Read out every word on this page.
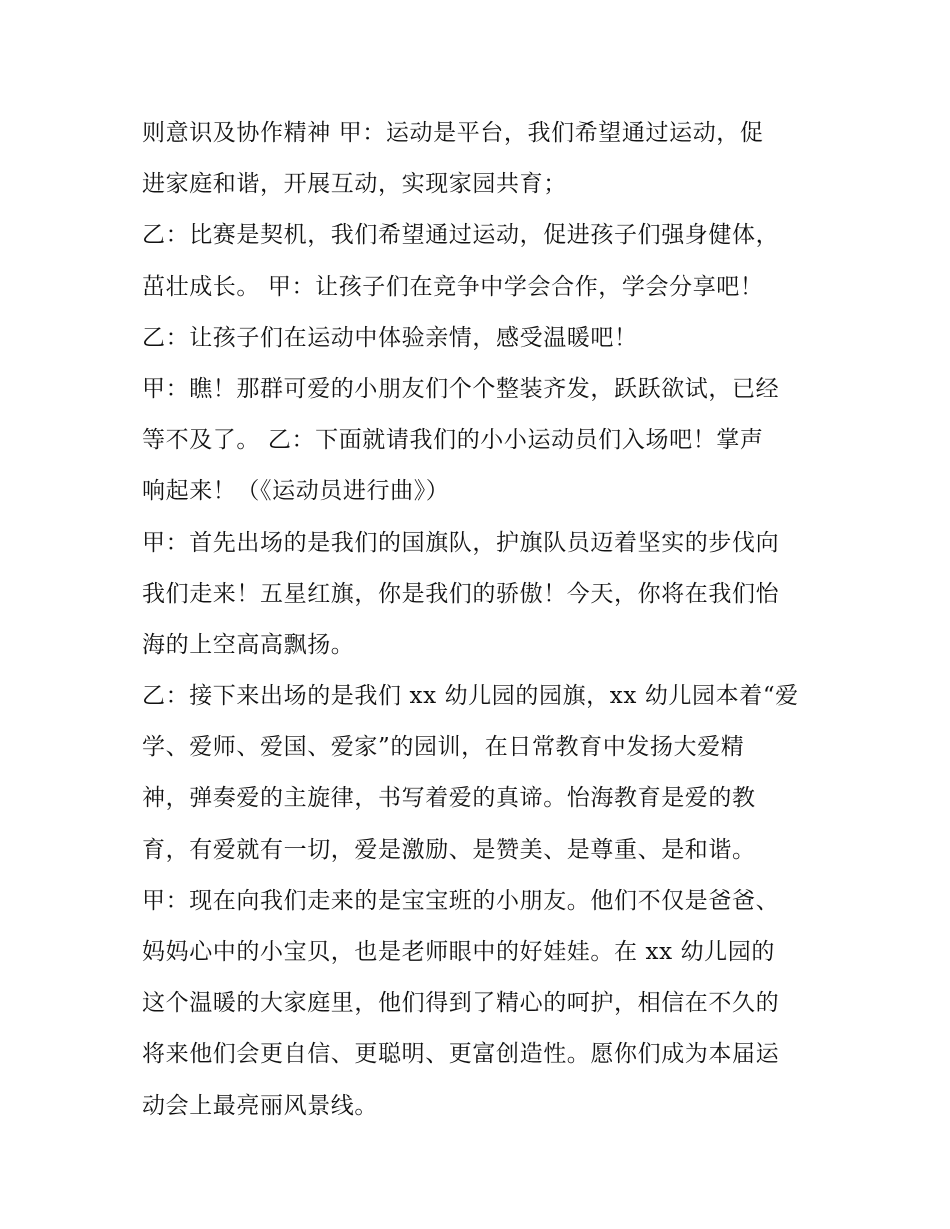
则意识及协作精神 甲：运动是平台，我们希望通过运动，促
进家庭和谐，开展互动，实现家园共育；
乙：比赛是契机，我们希望通过运动，促进孩子们强身健体，
茁壮成长。 甲：让孩子们在竞争中学会合作，学会分享吧！
乙：让孩子们在运动中体验亲情，感受温暖吧！
甲：瞧！那群可爱的小朋友们个个整装齐发，跃跃欲试，已经
等不及了。 乙：下面就请我们的小小运动员们入场吧！掌声
响起来！（《运动员进行曲》）
甲：首先出场的是我们的国旗队，护旗队员迈着坚实的步伐向
我们走来！五星红旗，你是我们的骄傲！今天，你将在我们怡
海的上空高高飘扬。
乙：接下来出场的是我们 xx 幼儿园的园旗，xx 幼儿园本着“爱
学、爱师、爱国、爱家”的园训，在日常教育中发扬大爱精
神，弹奏爱的主旋律，书写着爱的真谛。怡海教育是爱的教
育，有爱就有一切，爱是激励、是赞美、是尊重、是和谐。
甲：现在向我们走来的是宝宝班的小朋友。他们不仅是爸爸、
妈妈心中的小宝贝，也是老师眼中的好娃娃。在 xx 幼儿园的
这个温暖的大家庭里，他们得到了精心的呵护，相信在不久的
将来他们会更自信、更聪明、更富创造性。愿你们成为本届运
动会上最亮丽风景线。
